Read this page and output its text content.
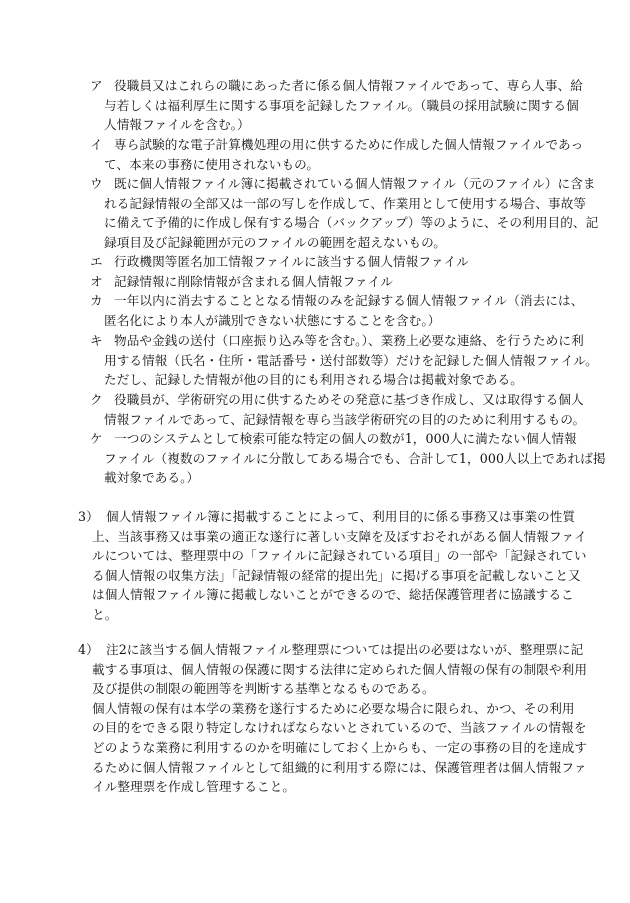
ア 役職員又はこれらの職にあった者に係る個人情報ファイルであって、専ら人事、給
与若しくは福利厚生に関する事項を記録したファイル。（職員の採用試験に関する個
人情報ファイルを含む。）
イ 専ら試験的な電子計算機処理の用に供するために作成した個人情報ファイルであっ
て、本来の事務に使用されないもの。
ウ 既に個人情報ファイル簿に掲載されている個人情報ファイル（元のファイル）に含ま
れる記録情報の全部又は一部の写しを作成して、作業用として使用する場合、事故等
に備えて予備的に作成し保有する場合（バックアップ）等のように、その利用目的、記
録項目及び記録範囲が元のファイルの範囲を超えないもの。
エ 行政機関等匿名加工情報ファイルに該当する個人情報ファイル
オ 記録情報に削除情報が含まれる個人情報ファイル
カ 一年以内に消去することとなる情報のみを記録する個人情報ファイル（消去には、
匿名化により本人が識別できない状態にすることを含む。）
キ 物品や金銭の送付（口座振り込み等を含む。）、業務上必要な連絡、を行うために利
用する情報（氏名・住所・電話番号・送付部数等）だけを記録した個人情報ファイル。
ただし、記録した情報が他の目的にも利用される場合は掲載対象である。
ク 役職員が、学術研究の用に供するためその発意に基づき作成し、又は取得する個人
情報ファイルであって、記録情報を専ら当該学術研究の目的のために利用するもの。
ケ 一つのシステムとして検索可能な特定の個人の数が1，000人に満たない個人情報
ファイル（複数のファイルに分散してある場合でも、合計して1，000人以上であれば掲
載対象である。）
3） 個人情報ファイル簿に掲載することによって、利用目的に係る事務又は事業の性質
上、当該事務又は事業の適正な遂行に著しい支障を及ぼすおそれがある個人情報ファイ
ルについては、整理票中の「ファイルに記録されている項目」の一部や「記録されてい
る個人情報の収集方法」「記録情報の経常的提出先」に掲げる事項を記載しないこと又
は個人情報ファイル簿に掲載しないことができるので、総括保護管理者に協議するこ
と。
4） 注2に該当する個人情報ファイル整理票については提出の必要はないが、整理票に記
載する事項は、個人情報の保護に関する法律に定められた個人情報の保有の制限や利用
及び提供の制限の範囲等を判断する基準となるものである。
個人情報の保有は本学の業務を遂行するために必要な場合に限られ、かつ、その利用
の目的をできる限り特定しなければならないとされているので、当該ファイルの情報を
どのような業務に利用するのかを明確にしておく上からも、一定の事務の目的を達成す
るために個人情報ファイルとして組織的に利用する際には、保護管理者は個人情報ファ
イル整理票を作成し管理すること。
